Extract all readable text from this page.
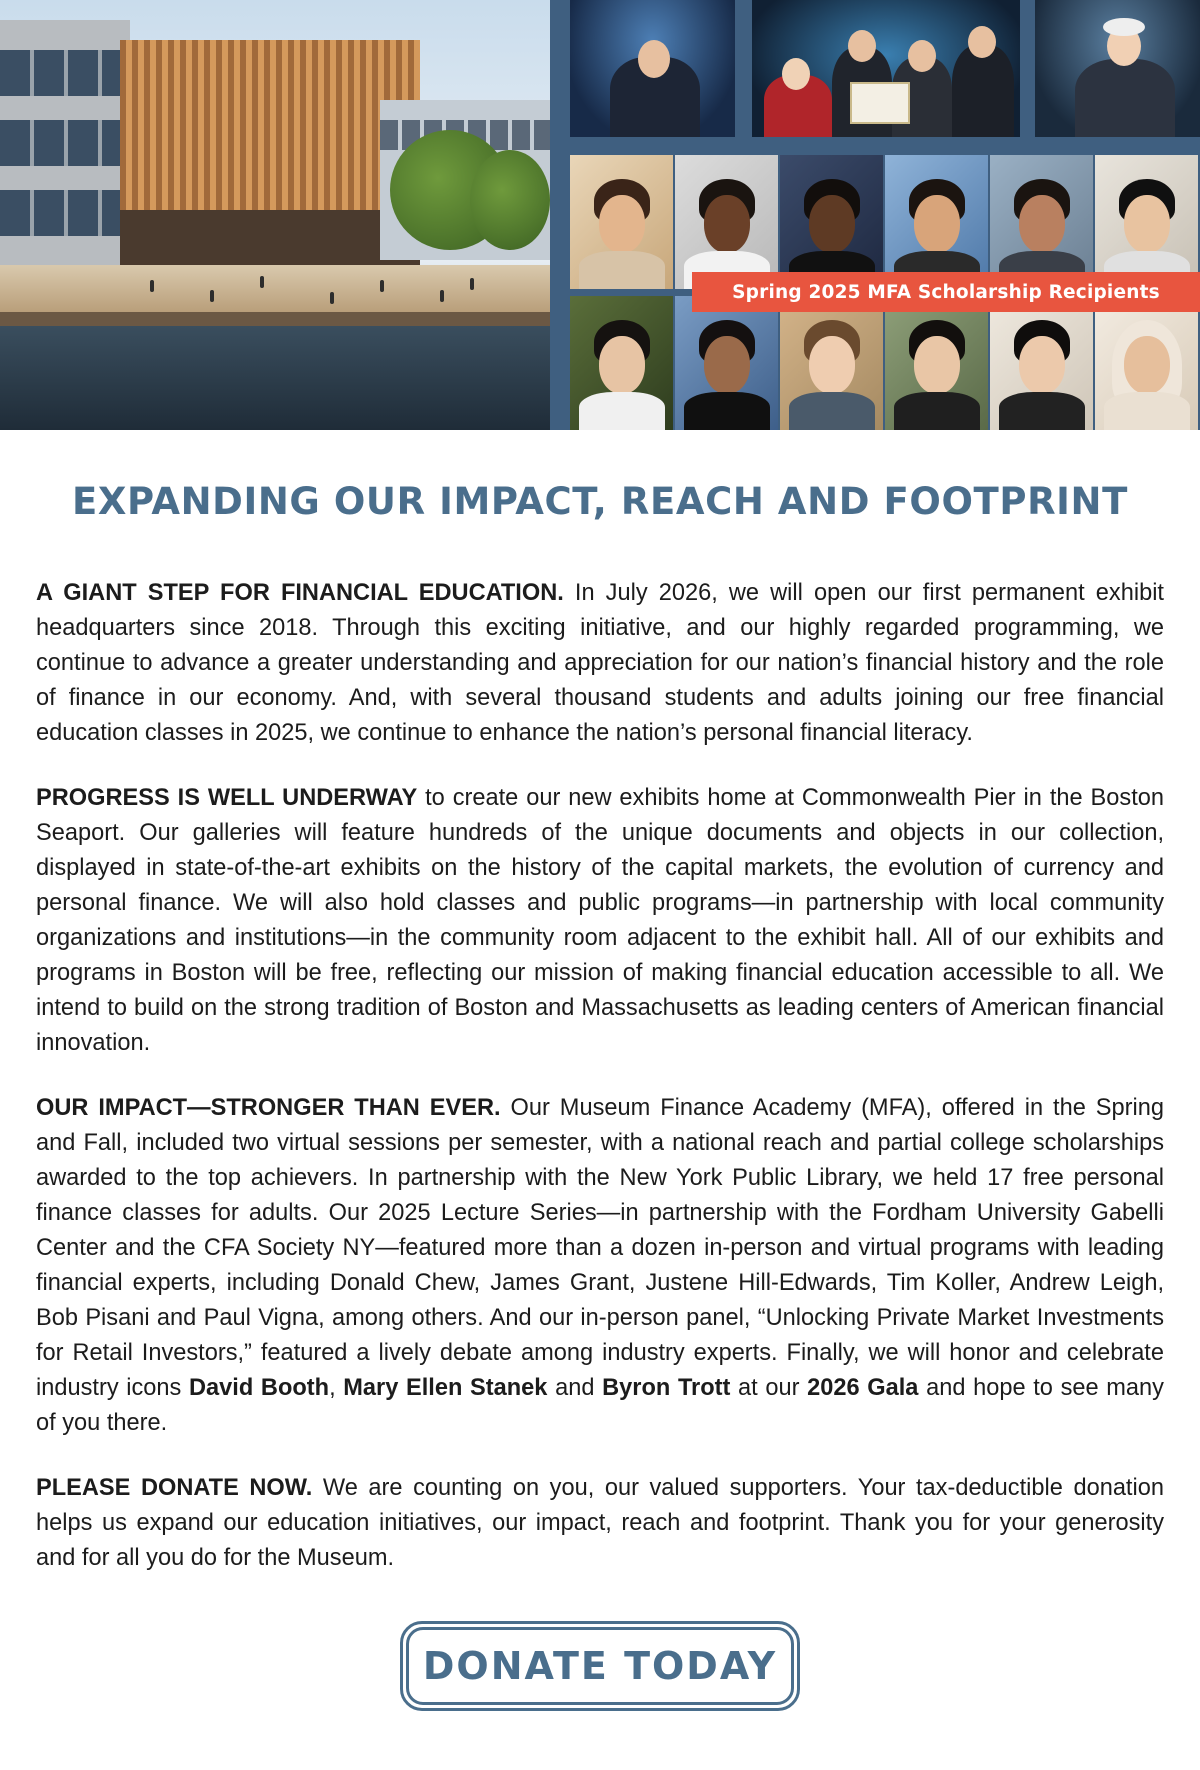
Spring 2025 MFA Scholarship Recipients
EXPANDING OUR IMPACT, REACH AND FOOTPRINT

A GIANT STEP FOR FINANCIAL EDUCATION. In July 2026, we will open our first permanent exhibit headquarters since 2018. Through this exciting initiative, and our highly regarded programming, we continue to advance a greater understanding and appreciation for our nation’s financial history and the role of finance in our economy. And, with several thousand students and adults joining our free financial education classes in 2025, we continue to enhance the nation’s personal financial literacy.

PROGRESS IS WELL UNDERWAY to create our new exhibits home at Commonwealth Pier in the Boston Seaport. Our galleries will feature hundreds of the unique documents and objects in our collection, displayed in state-of-the-art exhibits on the history of the capital markets, the evolution of currency and personal finance. We will also hold classes and public programs—in partnership with local community organizations and institutions—in the community room adjacent to the exhibit hall. All of our exhibits and programs in Boston will be free, reflecting our mission of making financial education accessible to all. We intend to build on the strong tradition of Boston and Massachusetts as leading centers of American financial innovation.

OUR IMPACT—STRONGER THAN EVER. Our Museum Finance Academy (MFA), offered in the Spring and Fall, included two virtual sessions per semester, with a national reach and partial college scholarships awarded to the top achievers. In partnership with the New York Public Library, we held 17 free personal finance classes for adults. Our 2025 Lecture Series—in partnership with the Fordham University Gabelli Center and the CFA Society NY—featured more than a dozen in-person and virtual programs with leading financial experts, including Donald Chew, James Grant, Justene Hill-Edwards, Tim Koller, Andrew Leigh, Bob Pisani and Paul Vigna, among others. And our in-person panel, “Unlocking Private Market Investments for Retail Investors,” featured a lively debate among industry experts. Finally, we will honor and celebrate industry icons David Booth, Mary Ellen Stanek and Byron Trott at our 2026 Gala and hope to see many of you there.

PLEASE DONATE NOW. We are counting on you, our valued supporters. Your tax-deductible donation helps us expand our education initiatives, our impact, reach and footprint. Thank you for your generosity and for all you do for the Museum.

DONATE TODAY
